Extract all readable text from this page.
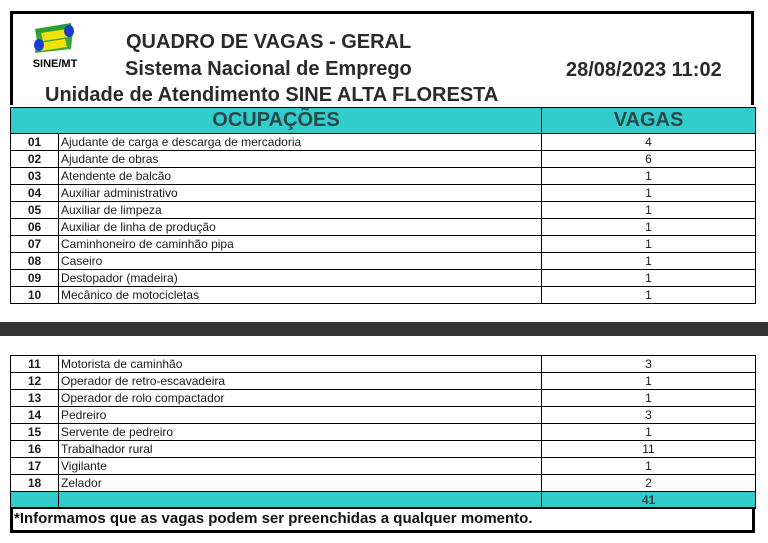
SINE/MT
QUADRO DE VAGAS - GERAL
Sistema Nacional de Emprego
Unidade de Atendimento SINE ALTA FLORESTA
28/08/2023 11:02
OCUPAÇÕES		VAGAS
01	Ajudante de carga e descarga de mercadoria	4
02	Ajudante de obras	6
03	Atendente de balcão	1
04	Auxiliar administrativo	1
05	Auxiliar de limpeza	1
06	Auxiliar de linha de produção	1
07	Caminhoneiro de caminhão pipa	1
08	Caseiro	1
09	Destopador (madeira)	1
10	Mecânico de motocicletas	1
11	Motorista de caminhão	3
12	Operador de retro-escavadeira	1
13	Operador de rolo compactador	1
14	Pedreiro	3
15	Servente de pedreiro	1
16	Trabalhador rural	11
17	Vigilante	1
18	Zelador	2
		41
*Informamos que as vagas podem ser preenchidas a qualquer momento.
